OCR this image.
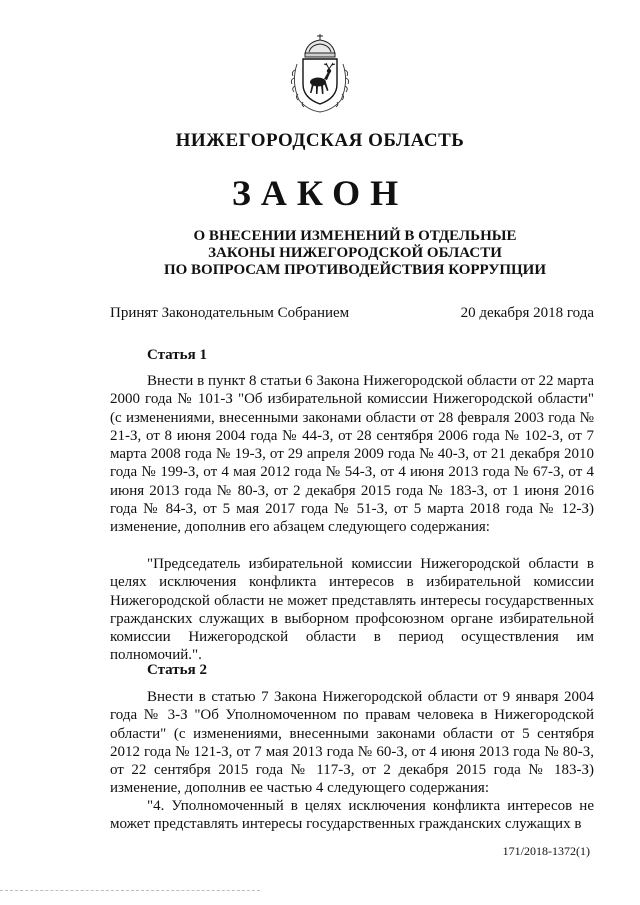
НИЖЕГОРОДСКАЯ ОБЛАСТЬ
ЗАКОН
О ВНЕСЕНИИ ИЗМЕНЕНИЙ В ОТДЕЛЬНЫЕ
ЗАКОНЫ НИЖЕГОРОДСКОЙ ОБЛАСТИ
ПО ВОПРОСАМ ПРОТИВОДЕЙСТВИЯ КОРРУПЦИИ
Принят Законодательным Собранием	20 декабря 2018 года
Статья 1

Внести в пункт 8 статьи 6 Закона Нижегородской области от 22 марта 2000 года № 101-З "Об избирательной комиссии Нижегородской области" (с изменениями, внесенными законами области от 28 февраля 2003 года № 21-З, от 8 июня 2004 года № 44-З, от 28 сентября 2006 года № 102-З, от 7 марта 2008 года № 19-З, от 29 апреля 2009 года № 40-З, от 21 декабря 2010 года № 199-З, от 4 мая 2012 года № 54-З, от 4 июня 2013 года № 67-З, от 4 июня 2013 года № 80-З, от 2 декабря 2015 года № 183-З, от 1 июня 2016 года № 84-З, от 5 мая 2017 года № 51-З, от 5 марта 2018 года № 12-З) изменение, дополнив его абзацем следующего содержания:

"Председатель избирательной комиссии Нижегородской области в целях исключения конфликта интересов в избирательной комиссии Нижегородской области не может представлять интересы государственных гражданских служащих в выборном профсоюзном органе избирательной комиссии Нижегородской области в период осуществления им полномочий.".

Статья 2

Внести в статью 7 Закона Нижегородской области от 9 января 2004 года № 3-З "Об Уполномоченном по правам человека в Нижегородской области" (с изменениями, внесенными законами области от 5 сентября 2012 года № 121-З, от 7 мая 2013 года № 60-З, от 4 июня 2013 года № 80-З, от 22 сентября 2015 года № 117-З, от 2 декабря 2015 года № 183-З) изменение, дополнив ее частью 4 следующего содержания:

"4. Уполномоченный в целях исключения конфликта интересов не может представлять интересы государственных гражданских служащих в

171/2018-1372(1)
